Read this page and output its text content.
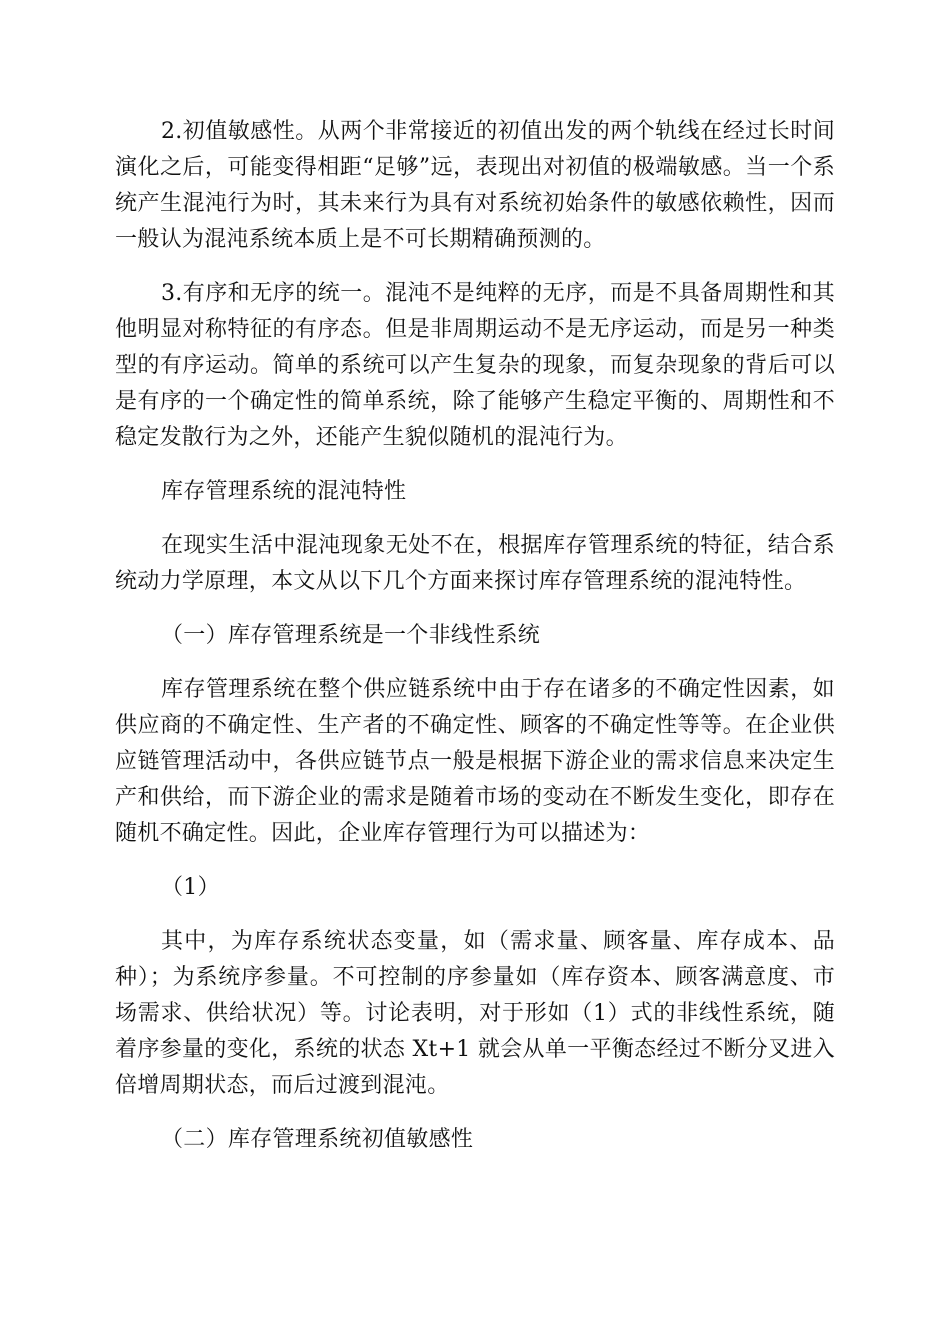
2.初值敏感性。从两个非常接近的初值出发的两个轨线在经过长时间演化之后，可能变得相距“足够”远，表现出对初值的极端敏感。当一个系统产生混沌行为时，其未来行为具有对系统初始条件的敏感依赖性，因而一般认为混沌系统本质上是不可长期精确预测的。

3.有序和无序的统一。混沌不是纯粹的无序，而是不具备周期性和其他明显对称特征的有序态。但是非周期运动不是无序运动，而是另一种类型的有序运动。简单的系统可以产生复杂的现象，而复杂现象的背后可以是有序的一个确定性的简单系统，除了能够产生稳定平衡的、周期性和不稳定发散行为之外，还能产生貌似随机的混沌行为。

库存管理系统的混沌特性

在现实生活中混沌现象无处不在，根据库存管理系统的特征，结合系统动力学原理，本文从以下几个方面来探讨库存管理系统的混沌特性。

（一）库存管理系统是一个非线性系统

库存管理系统在整个供应链系统中由于存在诸多的不确定性因素，如供应商的不确定性、生产者的不确定性、顾客的不确定性等等。在企业供应链管理活动中，各供应链节点一般是根据下游企业的需求信息来决定生产和供给，而下游企业的需求是随着市场的变动在不断发生变化，即存在随机不确定性。因此，企业库存管理行为可以描述为：

（1）

其中，为库存系统状态变量，如（需求量、顾客量、库存成本、品种）；为系统序参量。不可控制的序参量如（库存资本、顾客满意度、市场需求、供给状况）等。讨论表明，对于形如（1）式的非线性系统，随着序参量的变化，系统的状态 Xt+1 就会从单一平衡态经过不断分叉进入倍增周期状态，而后过渡到混沌。

（二）库存管理系统初值敏感性
